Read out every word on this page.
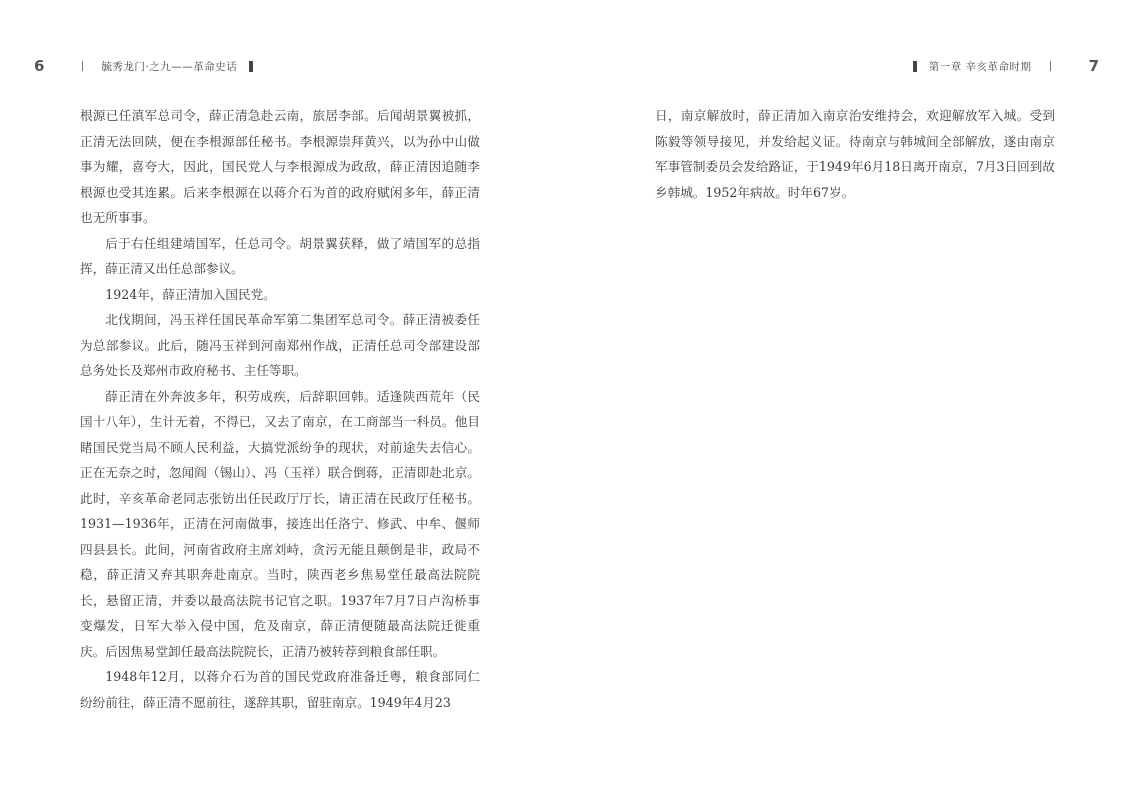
6	毓秀龙门·之九——革命史话	第一章 辛亥革命时期	7

根源已任滇军总司令，薛正清急赴云南，旅居李部。后闻胡景翼被抓，正清无法回陕，便在李根源部任秘书。李根源崇拜黄兴，以为孙中山做事为耀，喜夸大，因此，国民党人与李根源成为政敌，薛正清因追随李根源也受其连累。后来李根源在以蒋介石为首的政府赋闲多年，薛正清也无所事事。

后于右任组建靖国军，任总司令。胡景翼获释，做了靖国军的总指挥，薛正清又出任总部参议。

1924年，薛正清加入国民党。

北伐期间，冯玉祥任国民革命军第二集团军总司令。薛正清被委任为总部参议。此后，随冯玉祥到河南郑州作战，正清任总司令部建设部总务处长及郑州市政府秘书、主任等职。

薛正清在外奔波多年，积劳成疾，后辞职回韩。适逢陕西荒年（民国十八年），生计无着，不得已，又去了南京，在工商部当一科员。他目睹国民党当局不顾人民利益，大搞党派纷争的现状，对前途失去信心。正在无奈之时，忽闻阎（锡山）、冯（玉祥）联合倒蒋，正清即赴北京。此时，辛亥革命老同志张钫出任民政厅厅长，请正清在民政厅任秘书。1931—1936年，正清在河南做事，接连出任洛宁、修武、中牟、偃师四县县长。此间，河南省政府主席刘峙，贪污无能且颠倒是非，政局不稳，薛正清又弃其职奔赴南京。当时，陕西老乡焦易堂任最高法院院长，悬留正清，并委以最高法院书记官之职。1937年7月7日卢沟桥事变爆发，日军大举入侵中国，危及南京，薛正清便随最高法院迁徙重庆。后因焦易堂卸任最高法院院长，正清乃被转荐到粮食部任职。

1948年12月，以蒋介石为首的国民党政府准备迁粤，粮食部同仁纷纷前往，薛正清不愿前往，遂辞其职，留驻南京。1949年4月23

日，南京解放时，薛正清加入南京治安维持会，欢迎解放军入城。受到陈毅等领导接见，并发给起义证。待南京与韩城间全部解放，遂由南京军事管制委员会发给路证，于1949年6月18日离开南京，7月3日回到故乡韩城。1952年病故。时年67岁。
